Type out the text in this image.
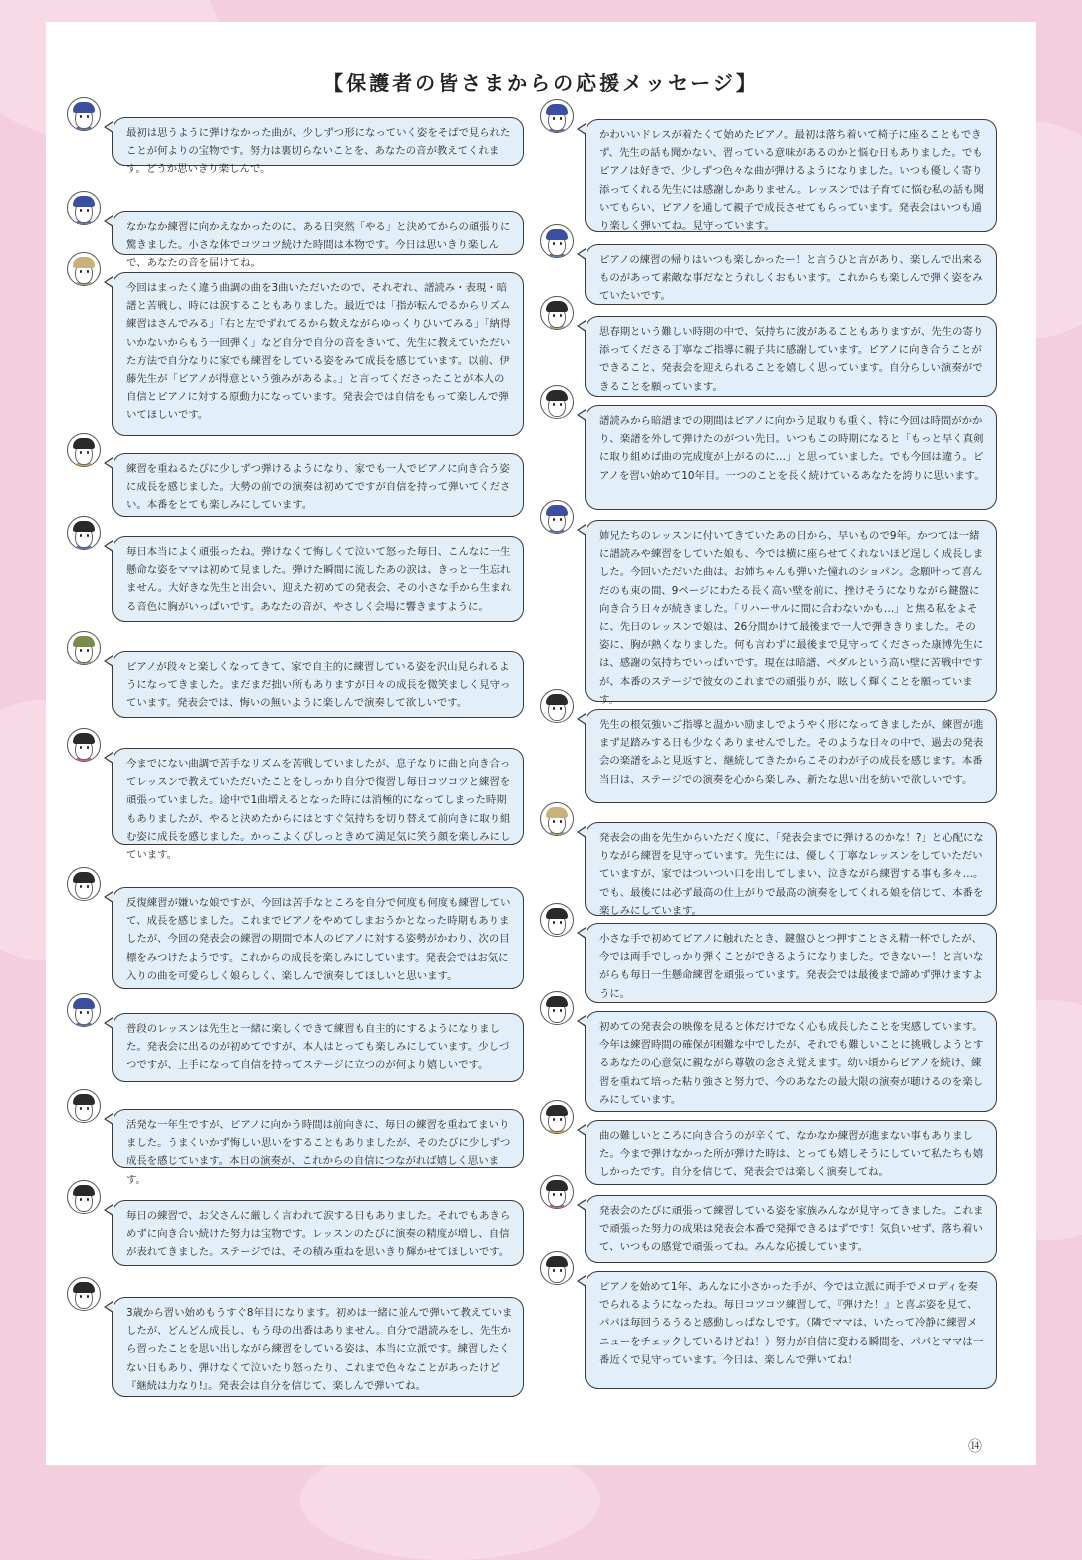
【保護者の皆さまからの応援メッセージ】
最初は思うように弾けなかった曲が、少しずつ形になっていく姿をそばで見られたことが何よりの宝物です。努力は裏切らないことを、あなたの音が教えてくれます。どうか思いきり楽しんで。
なかなか練習に向かえなかったのに、ある日突然「やる」と決めてからの頑張りに驚きました。小さな体でコツコツ続けた時間は本物です。今日は思いきり楽しんで、あなたの音を届けてね。
今回はまったく違う曲調の曲を3曲いただいたので、それぞれ、譜読み・表現・暗譜と苦戦し、時には涙することもありました。最近では「指が転んでるからリズム練習はさんでみる」「右と左でずれてるから数えながらゆっくりひいてみる」「納得いかないからもう一回弾く」など自分で自分の音をきいて、先生に教えていただいた方法で自分なりに家でも練習をしている姿をみて成長を感じています。以前、伊藤先生が「ピアノが得意という強みがあるよ。」と言ってくださったことが本人の自信とピアノに対する原動力になっています。発表会では自信をもって楽しんで弾いてほしいです。
練習を重ねるたびに少しずつ弾けるようになり、家でも一人でピアノに向き合う姿に成長を感じました。大勢の前での演奏は初めてですが自信を持って弾いてください。本番をとても楽しみにしています。
毎日本当によく頑張ったね。弾けなくて悔しくて泣いて怒った毎日、こんなに一生懸命な姿をママは初めて見ました。弾けた瞬間に流したあの涙は、きっと一生忘れません。大好きな先生と出会い、迎えた初めての発表会、その小さな手から生まれる音色に胸がいっぱいです。あなたの音が、やさしく会場に響きますように。
ピアノが段々と楽しくなってきて、家で自主的に練習している姿を沢山見られるようになってきました。まだまだ拙い所もありますが日々の成長を微笑ましく見守っています。発表会では、悔いの無いように楽しんで演奏して欲しいです。
今までにない曲調で苦手なリズムを苦戦していましたが、息子なりに曲と向き合ってレッスンで教えていただいたことをしっかり自分で復習し毎日コツコツと練習を頑張っていました。途中で1曲増えるとなった時には消極的になってしまった時期もありましたが、やると決めたからにはとすぐ気持ちを切り替えて前向きに取り組む姿に成長を感じました。かっこよくびしっときめて満足気に笑う顔を楽しみにしています。
反復練習が嫌いな娘ですが、今回は苦手なところを自分で何度も何度も練習していて、成長を感じました。これまでピアノをやめてしまおうかとなった時期もありましたが、今回の発表会の練習の期間で本人のピアノに対する姿勢がかわり、次の目標をみつけたようです。これからの成長を楽しみにしています。発表会ではお気に入りの曲を可愛らしく娘らしく、楽しんで演奏してほしいと思います。
普段のレッスンは先生と一緒に楽しくできて練習も自主的にするようになりました。発表会に出るのが初めてですが、本人はとっても楽しみにしています。少しづつですが、上手になって自信を持ってステージに立つのが何より嬉しいです。
活発な一年生ですが、ピアノに向かう時間は前向きに、毎日の練習を重ねてまいりました。うまくいかず悔しい思いをすることもありましたが、そのたびに少しずつ成長を感じています。本日の演奏が、これからの自信につながれば嬉しく思います。
毎日の練習で、お父さんに厳しく言われて涙する日もありました。それでもあきらめずに向き合い続けた努力は宝物です。レッスンのたびに演奏の精度が増し、自信が表れてきました。ステージでは、その積み重ねを思いきり輝かせてほしいです。
3歳から習い始めもうすぐ8年目になります。初めは一緒に並んで弾いて教えていましたが、どんどん成長し、もう母の出番はありません。自分で譜読みをし、先生から習ったことを思い出しながら練習をしている姿は、本当に立派です。練習したくない日もあり、弾けなくて泣いたり怒ったり、これまで色々なことがあったけど『継続は力なり!』。発表会は自分を信じて、楽しんで弾いてね。
かわいいドレスが着たくて始めたピアノ。最初は落ち着いて椅子に座ることもできず、先生の話も聞かない、習っている意味があるのかと悩む日もありました。でもピアノは好きで、少しずつ色々な曲が弾けるようになりました。いつも優しく寄り添ってくれる先生には感謝しかありません。レッスンでは子育てに悩む私の話も聞いてもらい、ピアノを通して親子で成長させてもらっています。発表会はいつも通り楽しく弾いてね。見守っています。
ピアノの練習の帰りはいつも楽しかったー！と言うひと言があり、楽しんで出来るものがあって素敵な事だなとうれしくおもいます。これからも楽しんで弾く姿をみていたいです。
思春期という難しい時期の中で、気持ちに波があることもありますが、先生の寄り添ってくださる丁寧なご指導に親子共に感謝しています。ピアノに向き合うことができること、発表会を迎えられることを嬉しく思っています。自分らしい演奏ができることを願っています。
譜読みから暗譜までの期間はピアノに向かう足取りも重く、特に今回は時間がかかり、楽譜を外して弾けたのがつい先日。いつもこの時期になると「もっと早く真剣に取り組めば曲の完成度が上がるのに…」と思っていました。でも今回は違う。ピアノを習い始めて10年目。一つのことを長く続けているあなたを誇りに思います。
姉兄たちのレッスンに付いてきていたあの日から、早いもので9年。かつては一緒に譜読みや練習をしていた娘も、今では横に座らせてくれないほど逞しく成長しました。今回いただいた曲は、お姉ちゃんも弾いた憧れのショパン。念願叶って喜んだのも束の間、9ページにわたる長く高い壁を前に、挫けそうになりながら鍵盤に向き合う日々が続きました。「リハーサルに間に合わないかも…」と焦る私をよそに、先日のレッスンで娘は、26分間かけて最後まで一人で弾ききりました。その姿に、胸が熱くなりました。何も言わずに最後まで見守ってくださった康博先生には、感謝の気持ちでいっぱいです。現在は暗譜、ペダルという高い壁に苦戦中ですが、本番のステージで彼女のこれまでの頑張りが、眩しく輝くことを願っています。
先生の根気強いご指導と温かい励ましでようやく形になってきましたが、練習が進まず足踏みする日も少なくありませんでした。そのような日々の中で、過去の発表会の楽譜をふと見返すと、継続してきたからこそのわが子の成長を感じます。本番当日は、ステージでの演奏を心から楽しみ、新たな思い出を紡いで欲しいです。
発表会の曲を先生からいただく度に、「発表会までに弾けるのかな！?」と心配になりながら練習を見守っています。先生には、優しく丁寧なレッスンをしていただいていますが、家ではついつい口を出してしまい、泣きながら練習する事も多々…。でも、最後には必ず最高の仕上がりで最高の演奏をしてくれる娘を信じて、本番を楽しみにしています。
小さな手で初めてピアノに触れたとき、鍵盤ひとつ押すことさえ精一杯でしたが、今では両手でしっかり弾くことができるようになりました。できないー！と言いながらも毎日一生懸命練習を頑張っています。発表会では最後まで諦めず弾けますように。
初めての発表会の映像を見ると体だけでなく心も成長したことを実感しています。今年は練習時間の確保が困難な中でしたが、それでも難しいことに挑戦しようとするあなたの心意気に親ながら尊敬の念さえ覚えます。幼い頃からピアノを続け、練習を重ねて培った粘り強さと努力で、今のあなたの最大限の演奏が聴けるのを楽しみにしています。
曲の難しいところに向き合うのが辛くて、なかなか練習が進まない事もありました。今まで弾けなかった所が弾けた時は、とっても嬉しそうにしていて私たちも嬉しかったです。自分を信じて、発表会では楽しく演奏してね。
発表会のたびに頑張って練習している姿を家族みんなが見守ってきました。これまで頑張った努力の成果は発表会本番で発揮できるはずです！気負いせず、落ち着いて、いつもの感覚で頑張ってね。みんな応援しています。
ピアノを始めて1年、あんなに小さかった手が、今では立派に両手でメロディを奏でられるようになったね。毎日コツコツ練習して、『弾けた！』と喜ぶ姿を見て、パパは毎回うるうると感動しっぱなしです。（隣でママは、いたって冷静に練習メニューをチェックしているけどね！）努力が自信に変わる瞬間を、パパとママは一番近くで見守っています。今日は、楽しんで弾いてね！
⑭
